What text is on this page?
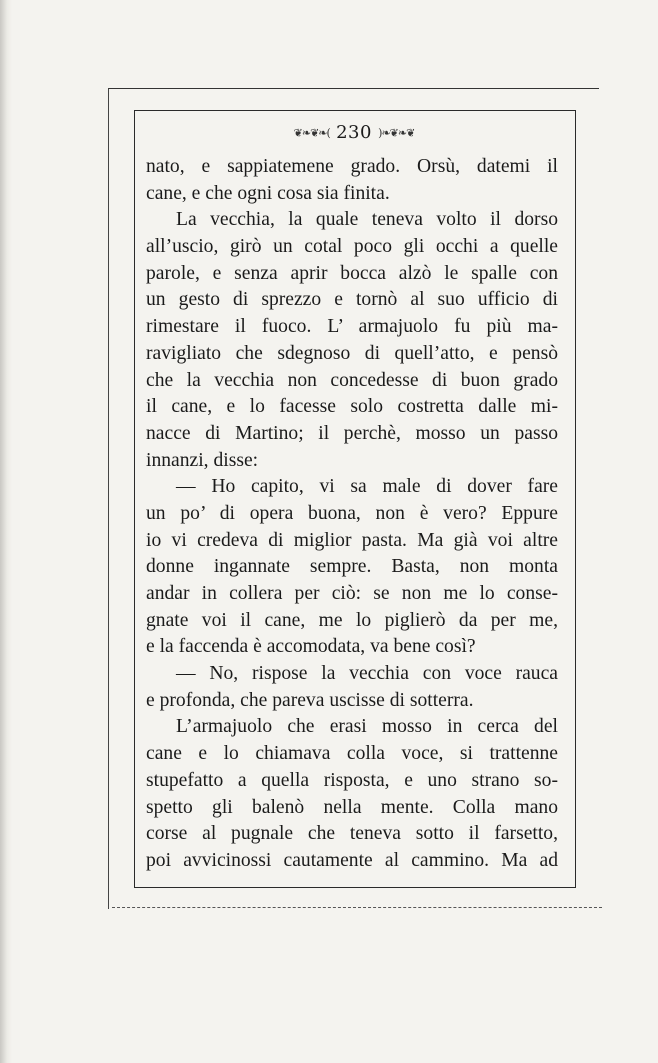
❦❧❦❧( 230 )❧❦❧❦
nato, e sappiatemene grado. Orsù, datemi il
cane, e che ogni cosa sia finita.
La vecchia, la quale teneva volto il dorso
all’uscio, girò un cotal poco gli occhi a quelle
parole, e senza aprir bocca alzò le spalle con
un gesto di sprezzo e tornò al suo ufficio di
rimestare il fuoco. L’ armajuolo fu più ma-
ravigliato che sdegnoso di quell’atto, e pensò
che la vecchia non concedesse di buon grado
il cane, e lo facesse solo costretta dalle mi-
nacce di Martino; il perchè, mosso un passo
innanzi, disse:
— Ho capito, vi sa male di dover fare
un po’ di opera buona, non è vero? Eppure
io vi credeva di miglior pasta. Ma già voi altre
donne ingannate sempre. Basta, non monta
andar in collera per ciò: se non me lo conse-
gnate voi il cane, me lo piglierò da per me,
e la faccenda è accomodata, va bene così?
— No, rispose la vecchia con voce rauca
e profonda, che pareva uscisse di sotterra.
L’armajuolo che erasi mosso in cerca del
cane e lo chiamava colla voce, si trattenne
stupefatto a quella risposta, e uno strano so-
spetto gli balenò nella mente. Colla mano
corse al pugnale che teneva sotto il farsetto,
poi avvicinossi cautamente al cammino. Ma ad
